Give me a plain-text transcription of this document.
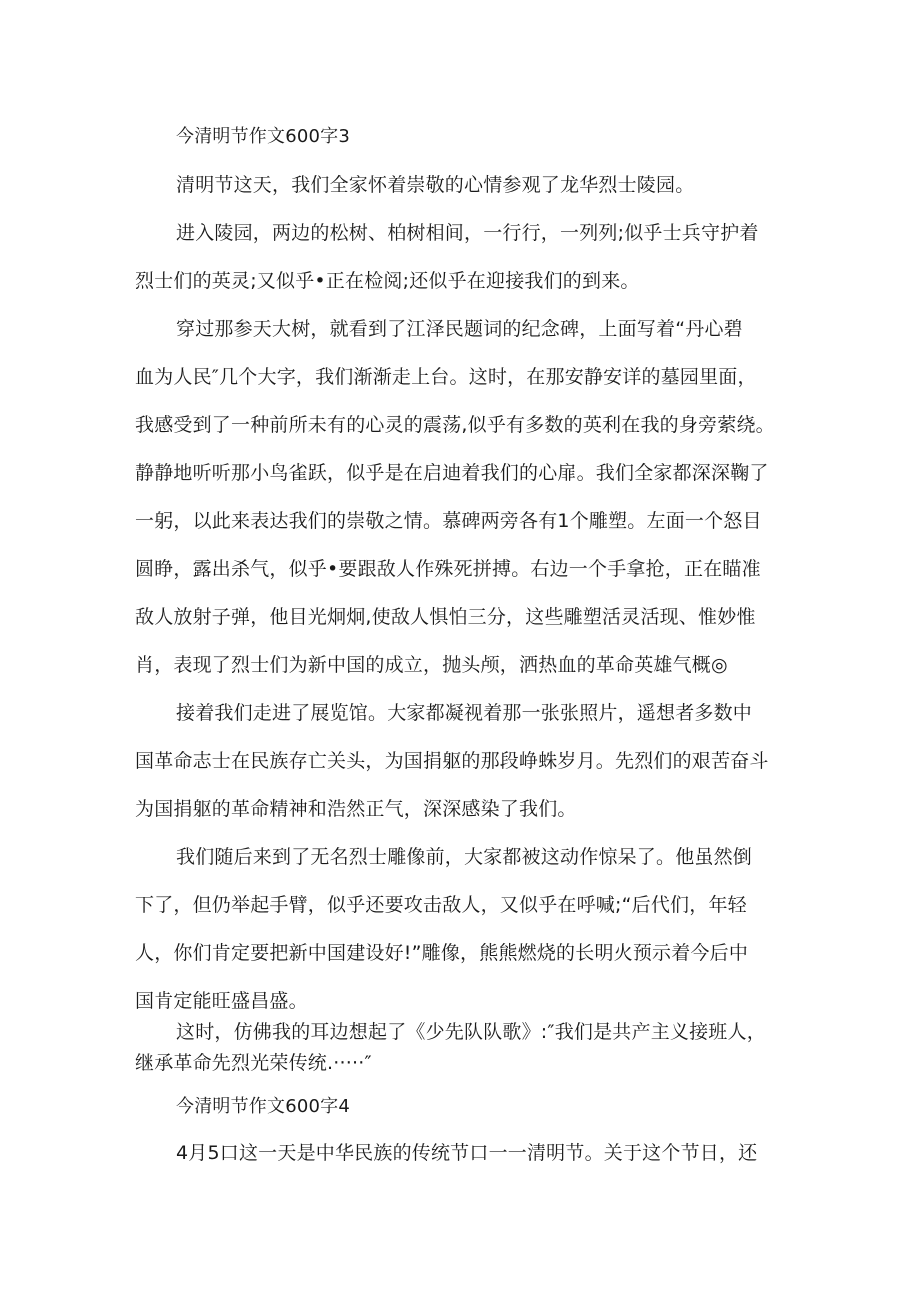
今清明节作文600字3
清明节这天，我们全家怀着崇敬的心情参观了龙华烈士陵园。
进入陵园，两边的松树、柏树相间，一行行，一列列;似乎士兵守护着
烈士们的英灵;又似乎•正在检阅;还似乎在迎接我们的到来。
穿过那参天大树，就看到了江泽民题词的纪念碑，上面写着“丹心碧
血为人民″几个大字，我们渐渐走上台。这时，在那安静安详的墓园里面，
我感受到了一种前所未有的心灵的震荡,似乎有多数的英利在我的身旁萦绕。
静静地听听那小鸟雀跃，似乎是在启迪着我们的心扉。我们全家都深深鞠了
一躬，以此来表达我们的崇敬之情。慕碑两旁各有1个雕塑。左面一个怒目
圆睁，露出杀气，似乎•要跟敌人作殊死拼搏。右边一个手拿抢，正在瞄准
敌人放射子弹，他目光炯炯,使敌人惧怕三分，这些雕塑活灵活现、惟妙惟
肖，表现了烈士们为新中国的成立，抛头颅，洒热血的革命英雄气概◎
接着我们走进了展览馆。大家都凝视着那一张张照片，遥想者多数中
国革命志士在民族存亡关头，为国捐躯的那段峥蛛岁月。先烈们的艰苦奋斗
为国捐躯的革命精神和浩然正气，深深感染了我们。
我们随后来到了无名烈士雕像前，大家都被这动作惊呆了。他虽然倒
下了，但仍举起手臂，似乎还要攻击敌人，又似乎在呼喊;“后代们，年轻
人，你们肯定要把新中国建设好!”雕像，熊熊燃烧的长明火预示着今后中
国肯定能旺盛昌盛。
这时，仿佛我的耳边想起了《少先队队歌》:″我们是共产主义接班人，
继承革命先烈光荣传统.·····″
今清明节作文600字4
4月5口这一天是中华民族的传统节口一一清明节。关于这个节日，还
